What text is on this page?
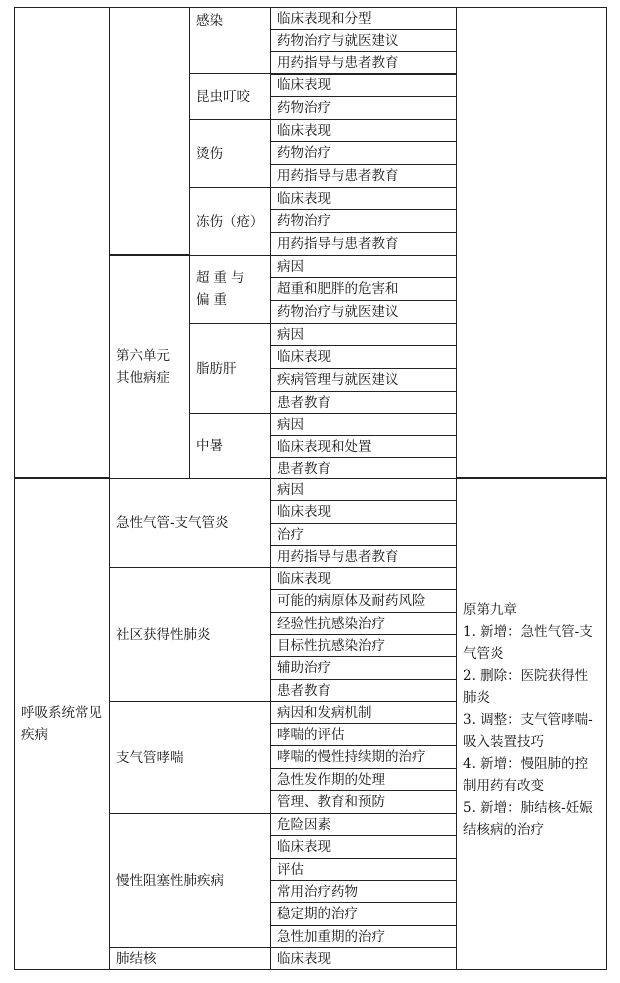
感染	临床表现和分型
药物治疗与就医建议
用药指导与患者教育
昆虫叮咬
临床表现
药物治疗
烫伤
临床表现
药物治疗
用药指导与患者教育
冻伤（疮）
临床表现
药物治疗
用药指导与患者教育
第六单元
其他病症
超重与偏重
病因
超重和肥胖的危害和
药物治疗与就医建议
脂肪肝
病因
临床表现
疾病管理与就医建议
患者教育
中暑
病因
临床表现和处置
患者教育
呼吸系统常见疾病
急性气管-支气管炎
病因
临床表现
治疗
用药指导与患者教育
社区获得性肺炎
临床表现
可能的病原体及耐药风险
经验性抗感染治疗
目标性抗感染治疗
辅助治疗
患者教育
支气管哮喘
病因和发病机制
哮喘的评估
哮喘的慢性持续期的治疗
急性发作期的处理
管理、教育和预防
慢性阻塞性肺疾病
危险因素
临床表现
评估
常用治疗药物
稳定期的治疗
急性加重期的治疗
肺结核	临床表现
原第九章
1. 新增：急性气管-支气管炎
2. 删除：医院获得性肺炎
3. 调整：支气管哮喘-吸入装置技巧
4. 新增：慢阻肺的控制用药有改变
5. 新增：肺结核-妊娠结核病的治疗
